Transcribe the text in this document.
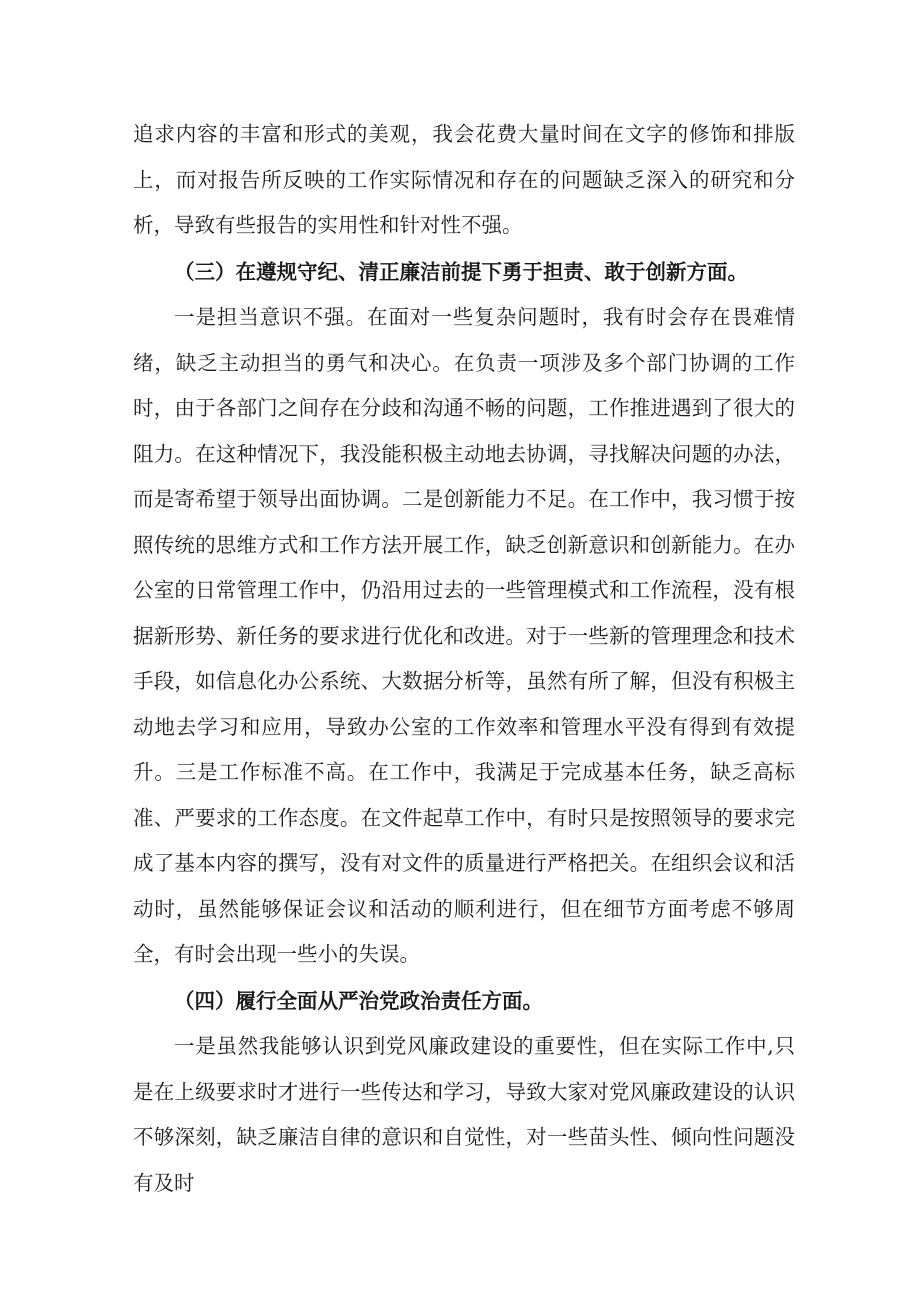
追求内容的丰富和形式的美观，我会花费大量时间在文字的修饰和排版上，而对报告所反映的工作实际情况和存在的问题缺乏深入的研究和分析，导致有些报告的实用性和针对性不强。

（三）在遵规守纪、清正廉洁前提下勇于担责、敢于创新方面。

一是担当意识不强。在面对一些复杂问题时，我有时会存在畏难情绪，缺乏主动担当的勇气和决心。在负责一项涉及多个部门协调的工作时，由于各部门之间存在分歧和沟通不畅的问题，工作推进遇到了很大的阻力。在这种情况下，我没能积极主动地去协调，寻找解决问题的办法，而是寄希望于领导出面协调。二是创新能力不足。在工作中，我习惯于按照传统的思维方式和工作方法开展工作，缺乏创新意识和创新能力。在办公室的日常管理工作中，仍沿用过去的一些管理模式和工作流程，没有根据新形势、新任务的要求进行优化和改进。对于一些新的管理理念和技术手段，如信息化办公系统、大数据分析等，虽然有所了解，但没有积极主动地去学习和应用，导致办公室的工作效率和管理水平没有得到有效提升。三是工作标准不高。在工作中，我满足于完成基本任务，缺乏高标准、严要求的工作态度。在文件起草工作中，有时只是按照领导的要求完成了基本内容的撰写，没有对文件的质量进行严格把关。在组织会议和活动时，虽然能够保证会议和活动的顺利进行，但在细节方面考虑不够周全，有时会出现一些小的失误。

（四）履行全面从严治党政治责任方面。

一是虽然我能够认识到党风廉政建设的重要性，但在实际工作中,只是在上级要求时才进行一些传达和学习，导致大家对党风廉政建设的认识不够深刻，缺乏廉洁自律的意识和自觉性，对一些苗头性、倾向性问题没有及时
